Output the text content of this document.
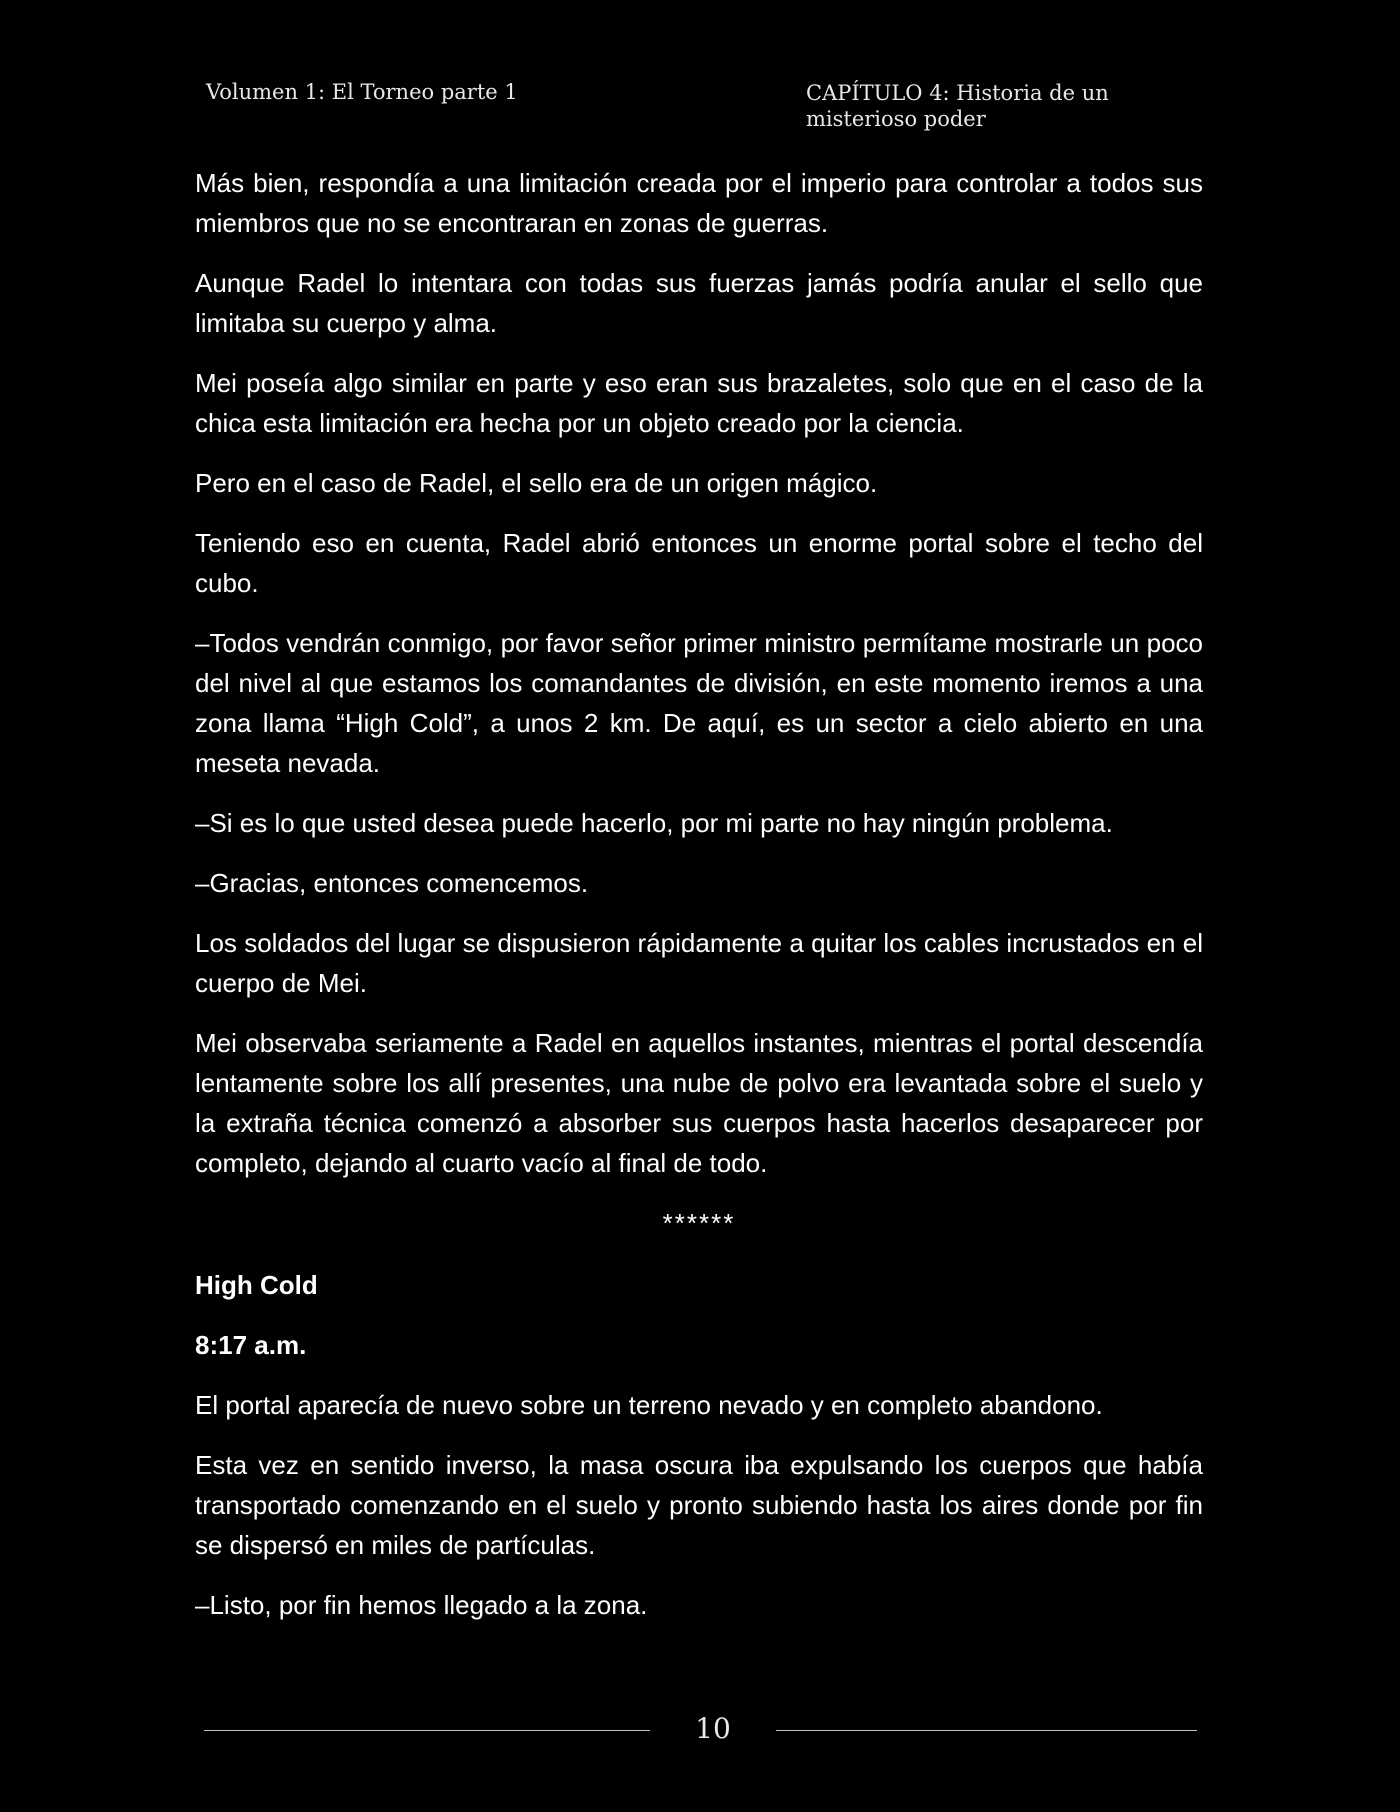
Volumen 1: El Torneo parte 1	CAPÍTULO 4: Historia de un misterioso poder

Más bien, respondía a una limitación creada por el imperio para controlar a todos sus miembros que no se encontraran en zonas de guerras.

Aunque Radel lo intentara con todas sus fuerzas jamás podría anular el sello que limitaba su cuerpo y alma.

Mei poseía algo similar en parte y eso eran sus brazaletes, solo que en el caso de la chica esta limitación era hecha por un objeto creado por la ciencia.

Pero en el caso de Radel, el sello era de un origen mágico.

Teniendo eso en cuenta, Radel abrió entonces un enorme portal sobre el techo del cubo.

–Todos vendrán conmigo, por favor señor primer ministro permítame mostrarle un poco del nivel al que estamos los comandantes de división, en este momento iremos a una zona llama “High Cold”, a unos 2 km. De aquí, es un sector a cielo abierto en una meseta nevada.

–Si es lo que usted desea puede hacerlo, por mi parte no hay ningún problema.

–Gracias, entonces comencemos.

Los soldados del lugar se dispusieron rápidamente a quitar los cables incrustados en el cuerpo de Mei.

Mei observaba seriamente a Radel en aquellos instantes, mientras el portal descendía lentamente sobre los allí presentes, una nube de polvo era levantada sobre el suelo y la extraña técnica comenzó a absorber sus cuerpos hasta hacerlos desaparecer por completo, dejando al cuarto vacío al final de todo.

******

High Cold

8:17 a.m.

El portal aparecía de nuevo sobre un terreno nevado y en completo abandono.

Esta vez en sentido inverso, la masa oscura iba expulsando los cuerpos que había transportado comenzando en el suelo y pronto subiendo hasta los aires donde por fin se dispersó en miles de partículas.

–Listo, por fin hemos llegado a la zona.

10
